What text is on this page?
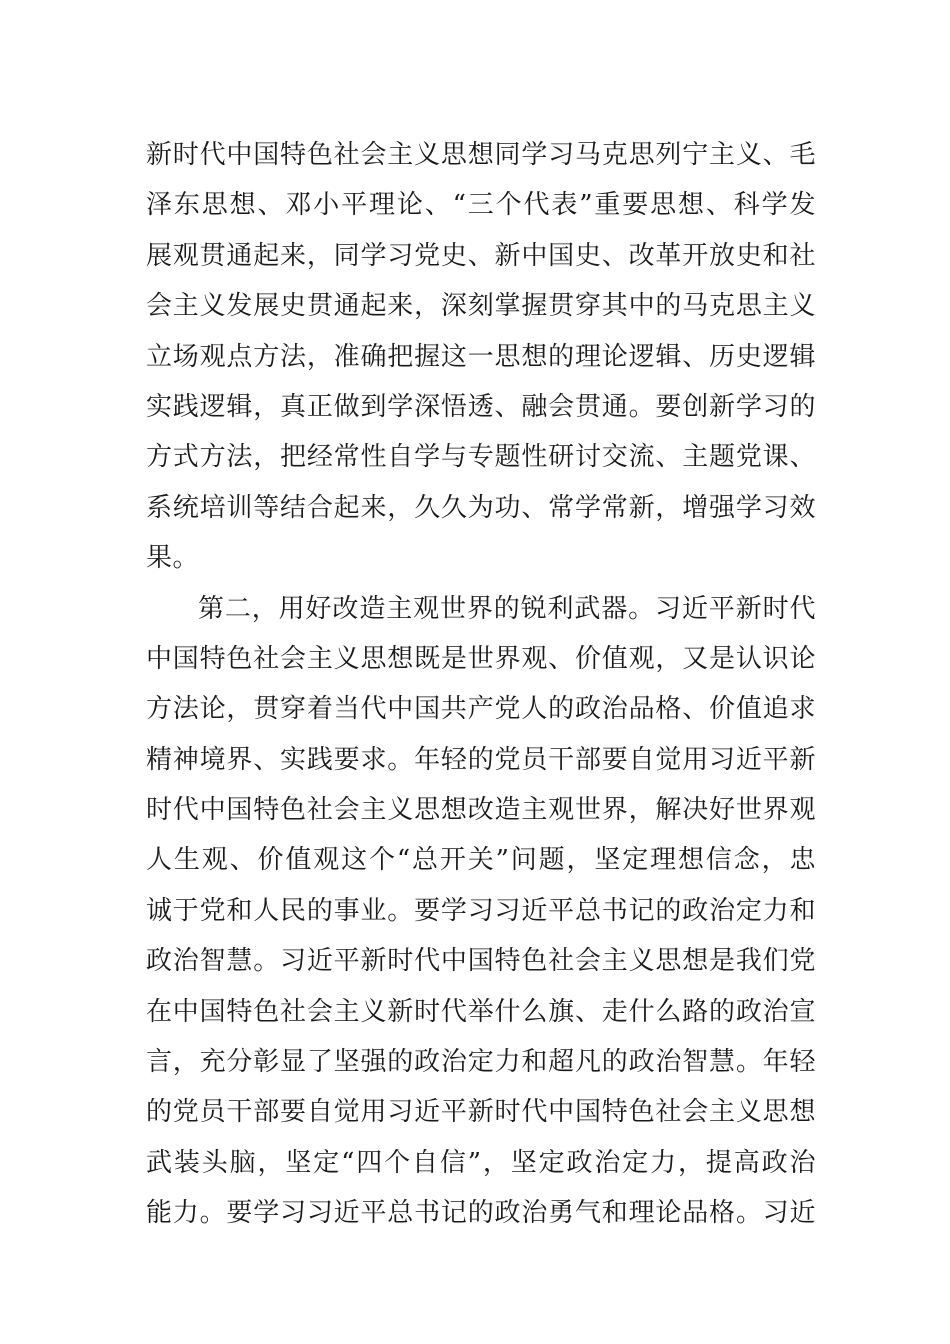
新时代中国特色社会主义思想同学习马克思列宁主义、毛
泽东思想、邓小平理论、“三个代表”重要思想、科学发
展观贯通起来，同学习党史、新中国史、改革开放史和社
会主义发展史贯通起来，深刻掌握贯穿其中的马克思主义
立场观点方法，准确把握这一思想的理论逻辑、历史逻辑
实践逻辑，真正做到学深悟透、融会贯通。要创新学习的
方式方法，把经常性自学与专题性研讨交流、主题党课、
系统培训等结合起来，久久为功、常学常新，增强学习效
果。
第二，用好改造主观世界的锐利武器。习近平新时代
中国特色社会主义思想既是世界观、价值观，又是认识论
方法论，贯穿着当代中国共产党人的政治品格、价值追求
精神境界、实践要求。年轻的党员干部要自觉用习近平新
时代中国特色社会主义思想改造主观世界，解决好世界观
人生观、价值观这个“总开关”问题，坚定理想信念，忠
诚于党和人民的事业。要学习习近平总书记的政治定力和
政治智慧。习近平新时代中国特色社会主义思想是我们党
在中国特色社会主义新时代举什么旗、走什么路的政治宣
言，充分彰显了坚强的政治定力和超凡的政治智慧。年轻
的党员干部要自觉用习近平新时代中国特色社会主义思想
武装头脑，坚定“四个自信”，坚定政治定力，提高政治
能力。要学习习近平总书记的政治勇气和理论品格。习近
